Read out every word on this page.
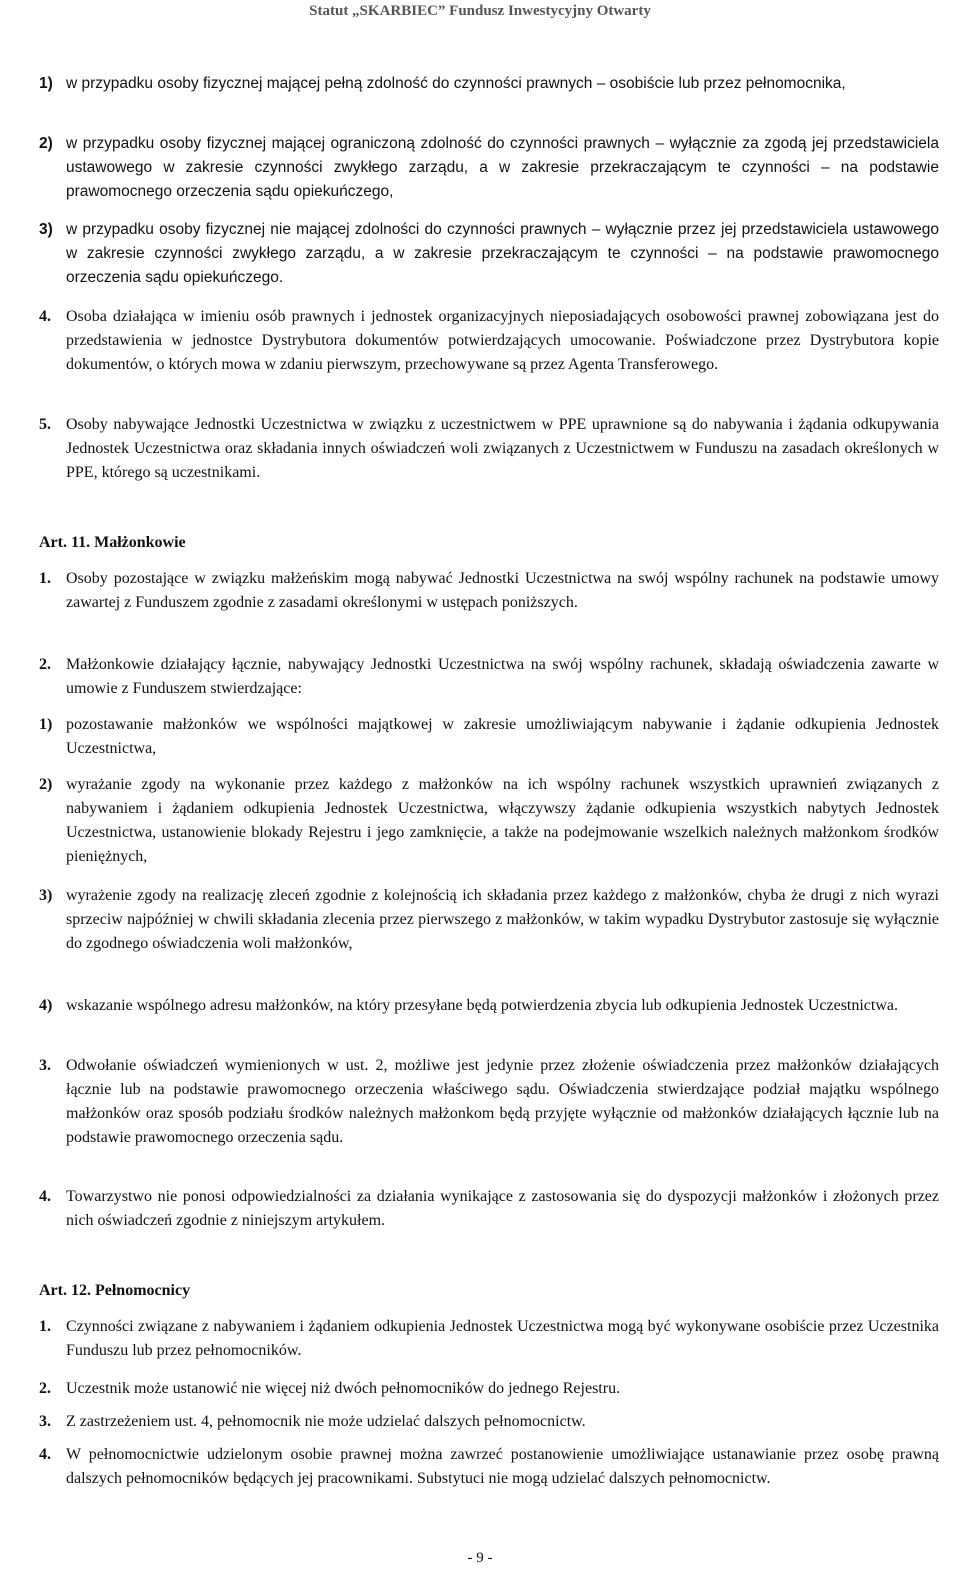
Statut „SKARBIEC” Fundusz Inwestycyjny Otwarty
1) w przypadku osoby fizycznej mającej pełną zdolność do czynności prawnych – osobiście lub przez pełnomocnika,
2) w przypadku osoby fizycznej mającej ograniczoną zdolność do czynności prawnych – wyłącznie za zgodą jej przedstawiciela ustawowego w zakresie czynności zwykłego zarządu, a w zakresie przekraczającym te czynności – na podstawie prawomocnego orzeczenia sądu opiekuńczego,
3) w przypadku osoby fizycznej nie mającej zdolności do czynności prawnych – wyłącznie przez jej przedstawiciela ustawowego w zakresie czynności zwykłego zarządu, a w zakresie przekraczającym te czynności – na podstawie prawomocnego orzeczenia sądu opiekuńczego.
4. Osoba działająca w imieniu osób prawnych i jednostek organizacyjnych nieposiadających osobowości prawnej zobowiązana jest do przedstawienia w jednostce Dystrybutora dokumentów potwierdzających umocowanie. Poświadczone przez Dystrybutora kopie dokumentów, o których mowa w zdaniu pierwszym, przechowywane są przez Agenta Transferowego.
5. Osoby nabywające Jednostki Uczestnictwa w związku z uczestnictwem w PPE uprawnione są do nabywania i żądania odkupywania Jednostek Uczestnictwa oraz składania innych oświadczeń woli związanych z Uczestnictwem w Funduszu na zasadach określonych w PPE, którego są uczestnikami.
Art. 11. Małżonkowie
1. Osoby pozostające w związku małżeńskim mogą nabywać Jednostki Uczestnictwa na swój wspólny rachunek na podstawie umowy zawartej z Funduszem zgodnie z zasadami określonymi w ustępach poniższych.
2. Małżonkowie działający łącznie, nabywający Jednostki Uczestnictwa na swój wspólny rachunek, składają oświadczenia zawarte w umowie z Funduszem stwierdzające:
1) pozostawanie małżonków we wspólności majątkowej w zakresie umożliwiającym nabywanie i żądanie odkupienia Jednostek Uczestnictwa,
2) wyrażanie zgody na wykonanie przez każdego z małżonków na ich wspólny rachunek wszystkich uprawnień związanych z nabywaniem i żądaniem odkupienia Jednostek Uczestnictwa, włączywszy żądanie odkupienia wszystkich nabytych Jednostek Uczestnictwa, ustanowienie blokady Rejestru i jego zamknięcie, a także na podejmowanie wszelkich należnych małżonkom środków pieniężnych,
3) wyrażenie zgody na realizację zleceń zgodnie z kolejnością ich składania przez każdego z małżonków, chyba że drugi z nich wyrazi sprzeciw najpóźniej w chwili składania zlecenia przez pierwszego z małżonków, w takim wypadku Dystrybutor zastosuje się wyłącznie do zgodnego oświadczenia woli małżonków,
4) wskazanie wspólnego adresu małżonków, na który przesyłane będą potwierdzenia zbycia lub odkupienia Jednostek Uczestnictwa.
3. Odwołanie oświadczeń wymienionych w ust. 2, możliwe jest jedynie przez złożenie oświadczenia przez małżonków działających łącznie lub na podstawie prawomocnego orzeczenia właściwego sądu. Oświadczenia stwierdzające podział majątku wspólnego małżonków oraz sposób podziału środków należnych małżonkom będą przyjęte wyłącznie od małżonków działających łącznie lub na podstawie prawomocnego orzeczenia sądu.
4. Towarzystwo nie ponosi odpowiedzialności za działania wynikające z zastosowania się do dyspozycji małżonków i złożonych przez nich oświadczeń zgodnie z niniejszym artykułem.
Art. 12. Pełnomocnicy
1. Czynności związane z nabywaniem i żądaniem odkupienia Jednostek Uczestnictwa mogą być wykonywane osobiście przez Uczestnika Funduszu lub przez pełnomocników.
2. Uczestnik może ustanowić nie więcej niż dwóch pełnomocników do jednego Rejestru.
3. Z zastrzeżeniem ust. 4, pełnomocnik nie może udzielać dalszych pełnomocnictw.
4. W pełnomocnictwie udzielonym osobie prawnej można zawrzeć postanowienie umożliwiające ustanawianie przez osobę prawną dalszych pełnomocników będących jej pracownikami. Substytuci nie mogą udzielać dalszych pełnomocnictw.
- 9 -
